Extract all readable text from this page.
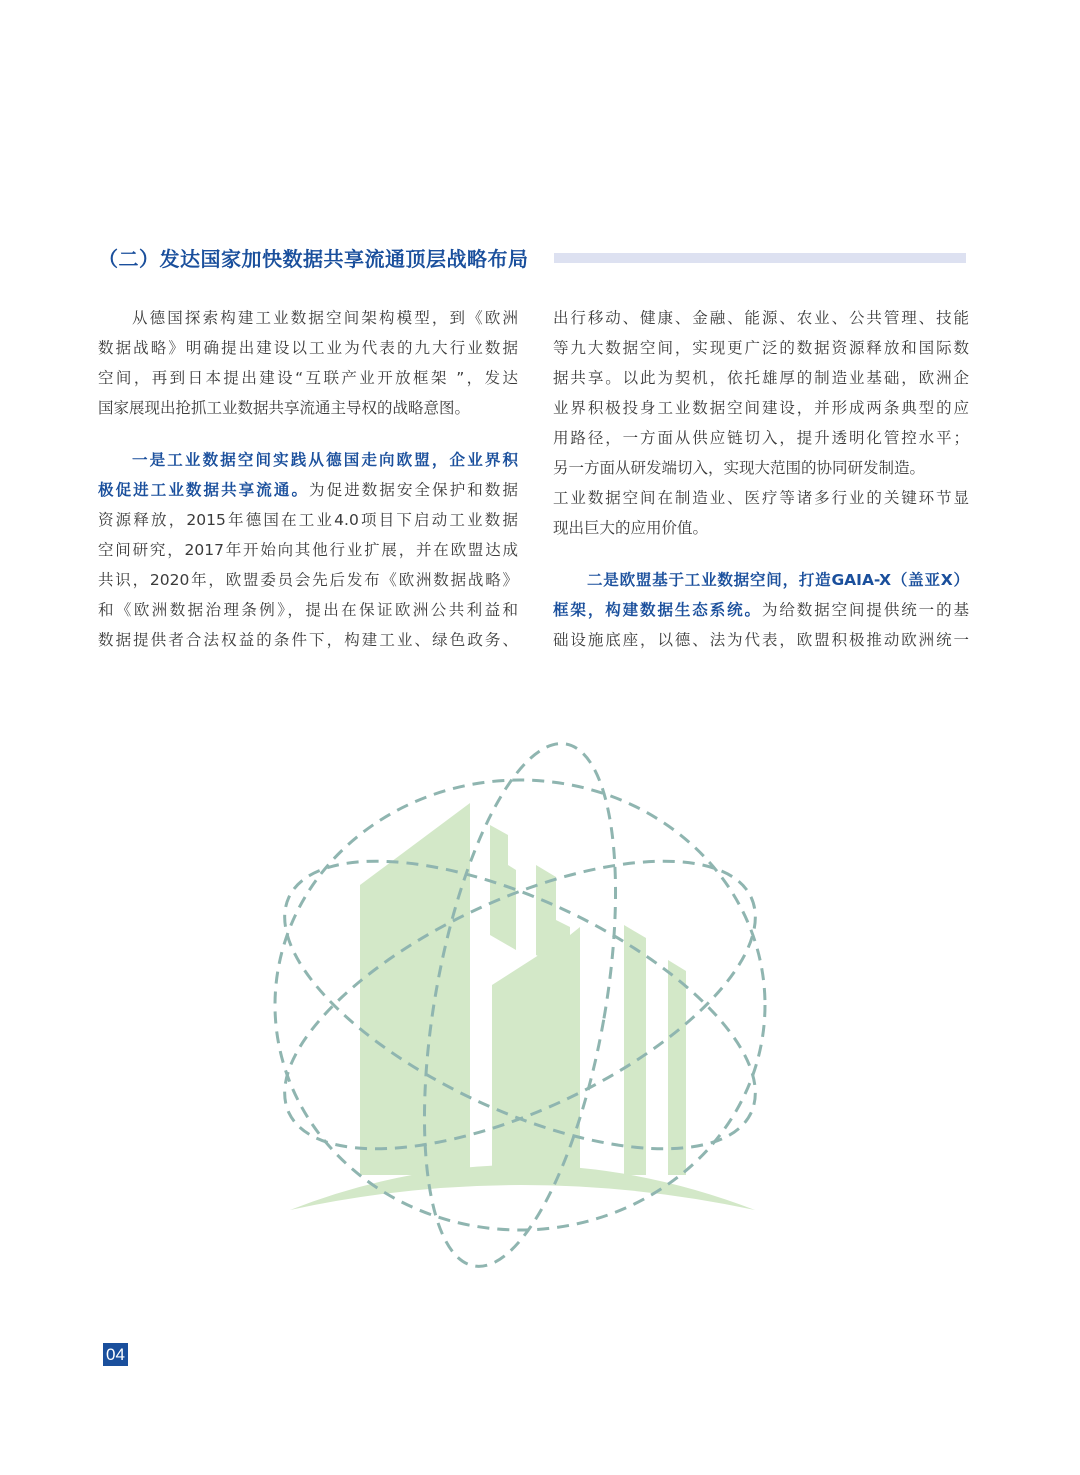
（二）发达国家加快数据共享流通顶层战略布局
从德国探索构建工业数据空间架构模型，到《欧洲
数据战略》明确提出建设以工业为代表的九大行业数据
空间，再到日本提出建设“互联产业开放框架 ”，发达
国家展现出抢抓工业数据共享流通主导权的战略意图。
一是工业数据空间实践从德国走向欧盟，企业界积
极促进工业数据共享流通。为促进数据安全保护和数据
资源释放，2015年德国在工业4.0项目下启动工业数据
空间研究，2017年开始向其他行业扩展，并在欧盟达成
共识，2020年，欧盟委员会先后发布《欧洲数据战略》
和《欧洲数据治理条例》，提出在保证欧洲公共利益和
数据提供者合法权益的条件下，构建工业、绿色政务、
出行移动、健康、金融、能源、农业、公共管理、技能
等九大数据空间，实现更广泛的数据资源释放和国际数
据共享。以此为契机，依托雄厚的制造业基础，欧洲企
业界积极投身工业数据空间建设，并形成两条典型的应
用路径，一方面从供应链切入，提升透明化管控水平；
另一方面从研发端切入，实现大范围的协同研发制造。
工业数据空间在制造业、医疗等诸多行业的关键环节显
现出巨大的应用价值。
二是欧盟基于工业数据空间，打造GAIA-X（盖亚X）
框架，构建数据生态系统。为给数据空间提供统一的基
础设施底座，以德、法为代表，欧盟积极推动欧洲统一
04
